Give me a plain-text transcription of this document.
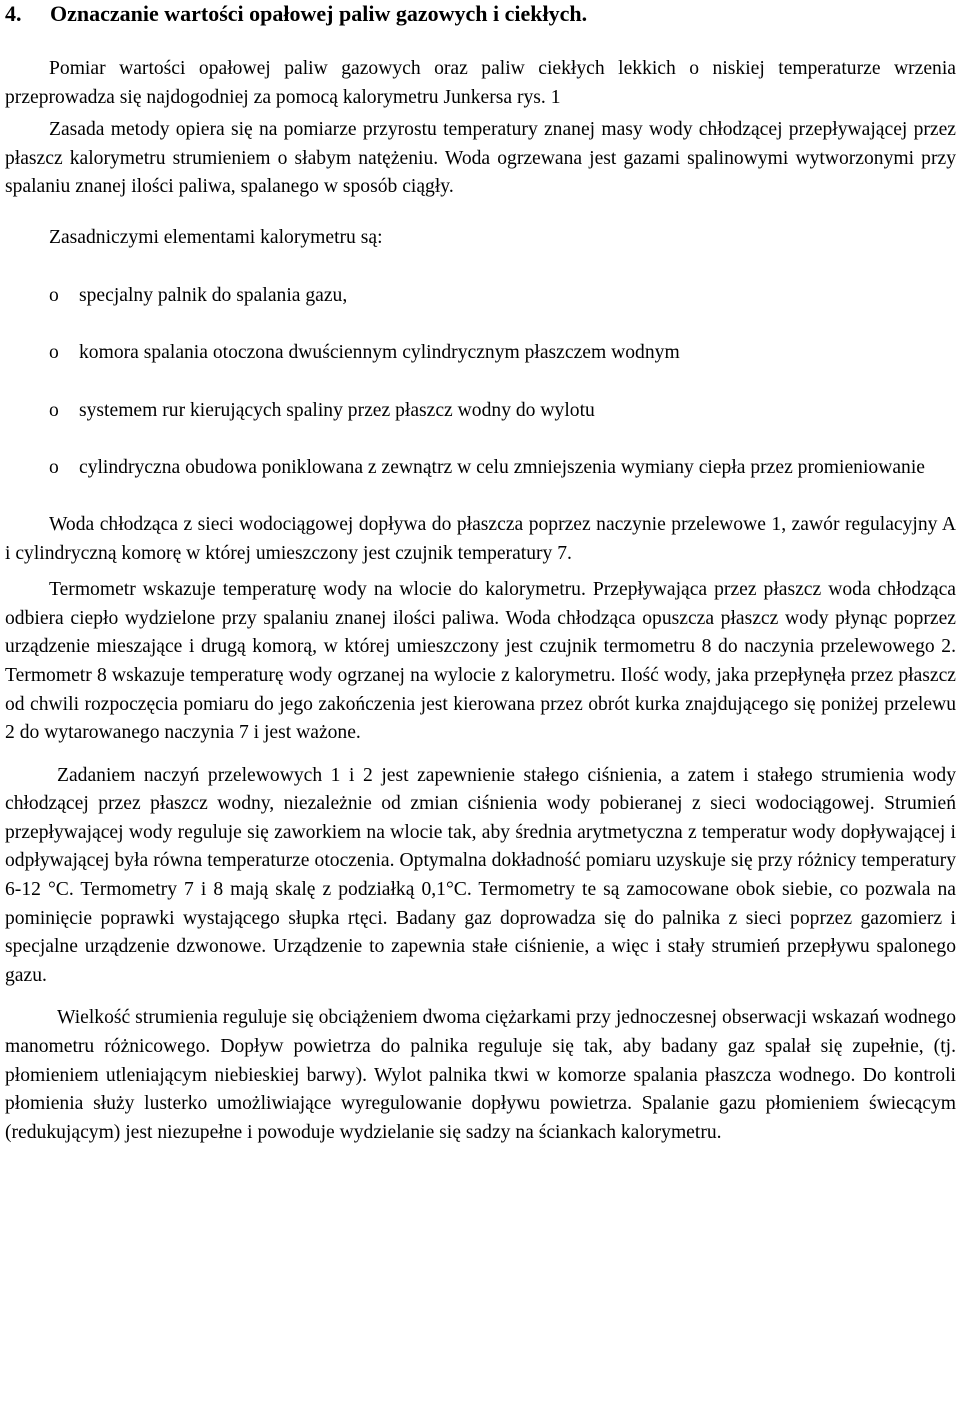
4.	Oznaczanie wartości opałowej paliw gazowych i ciekłych.

Pomiar wartości opałowej paliw gazowych oraz paliw ciekłych lekkich o niskiej temperaturze wrzenia przeprowadza się najdogodniej za pomocą kalorymetru Junkersa rys. 1

Zasada metody opiera się na pomiarze przyrostu temperatury znanej masy wody chłodzącej przepływającej przez płaszcz kalorymetru strumieniem o słabym natężeniu. Woda ogrzewana jest gazami spalinowymi wytworzonymi przy spalaniu znanej ilości paliwa, spalanego w sposób ciągły.

Zasadniczymi elementami kalorymetru są:

o	specjalny palnik do spalania gazu,
o	komora spalania otoczona dwuściennym cylindrycznym płaszczem wodnym
o	systemem rur kierujących spaliny przez płaszcz wodny do wylotu
o	cylindryczna obudowa poniklowana z zewnątrz w celu zmniejszenia wymiany ciepła przez promieniowanie

Woda chłodząca z sieci wodociągowej dopływa do płaszcza poprzez naczynie przelewowe 1, zawór regulacyjny A i cylindryczną komorę w której umieszczony jest czujnik temperatury 7.

Termometr wskazuje temperaturę wody na wlocie do kalorymetru. Przepływająca przez płaszcz woda chłodząca odbiera ciepło wydzielone przy spalaniu znanej ilości paliwa. Woda chłodząca opuszcza płaszcz wody płynąc poprzez urządzenie mieszające i drugą komorą, w której umieszczony jest czujnik termometru 8 do naczynia przelewowego 2. Termometr 8 wskazuje temperaturę wody ogrzanej na wylocie z kalorymetru. Ilość wody, jaka przepłynęła przez płaszcz od chwili rozpoczęcia pomiaru do jego zakończenia jest kierowana przez obrót kurka znajdującego się poniżej przelewu 2 do wytarowanego naczynia 7 i jest ważone.

Zadaniem naczyń przelewowych 1 i 2 jest zapewnienie stałego ciśnienia, a zatem i stałego strumienia wody chłodzącej przez płaszcz wodny, niezależnie od zmian ciśnienia wody pobieranej z sieci wodociągowej. Strumień przepływającej wody reguluje się zaworkiem na wlocie tak, aby średnia arytmetyczna z temperatur wody dopływającej i odpływającej była równa temperaturze otoczenia. Optymalna dokładność pomiaru uzyskuje się przy różnicy temperatury 6-12 °C. Termometry 7 i 8 mają skalę z podziałką 0,1°C. Termometry te są zamocowane obok siebie, co pozwala na pominięcie poprawki wystającego słupka rtęci. Badany gaz doprowadza się do palnika z sieci poprzez gazomierz i specjalne urządzenie dzwonowe. Urządzenie to zapewnia stałe ciśnienie, a więc i stały strumień przepływu spalonego gazu.

Wielkość strumienia reguluje się obciążeniem dwoma ciężarkami przy jednoczesnej obserwacji wskazań wodnego manometru różnicowego. Dopływ powietrza do palnika reguluje się tak, aby badany gaz spalał się zupełnie, (tj. płomieniem utleniającym niebieskiej barwy). Wylot palnika tkwi w komorze spalania płaszcza wodnego. Do kontroli płomienia służy lusterko umożliwiające wyregulowanie dopływu powietrza. Spalanie gazu płomieniem świecącym (redukującym) jest niezupełne i powoduje wydzielanie się sadzy na ściankach kalorymetru.
